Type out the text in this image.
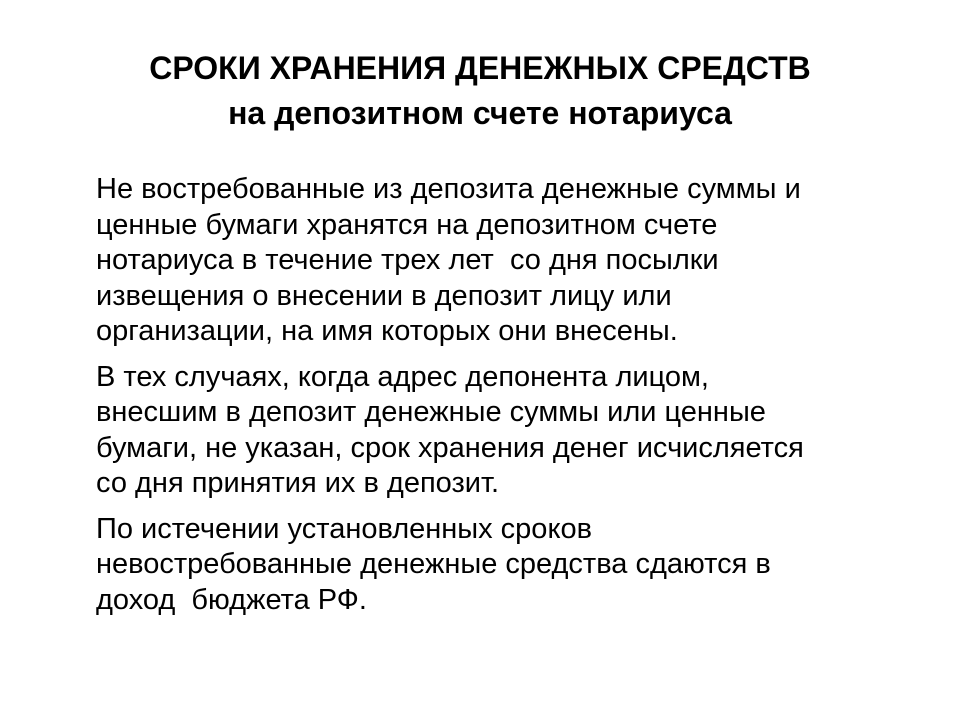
СРОКИ ХРАНЕНИЯ ДЕНЕЖНЫХ СРЕДСТВ
на депозитном счете нотариуса

Не востребованные из депозита денежные суммы и
ценные бумаги хранятся на депозитном счете
нотариуса в течение трех лет  со дня посылки
извещения о внесении в депозит лицу или
организации, на имя которых они внесены.

В тех случаях, когда адрес депонента лицом,
внесшим в депозит денежные суммы или ценные
бумаги, не указан, срок хранения денег исчисляется
со дня принятия их в депозит.

По истечении установленных сроков
невостребованные денежные средства сдаются в
доход  бюджета РФ.
